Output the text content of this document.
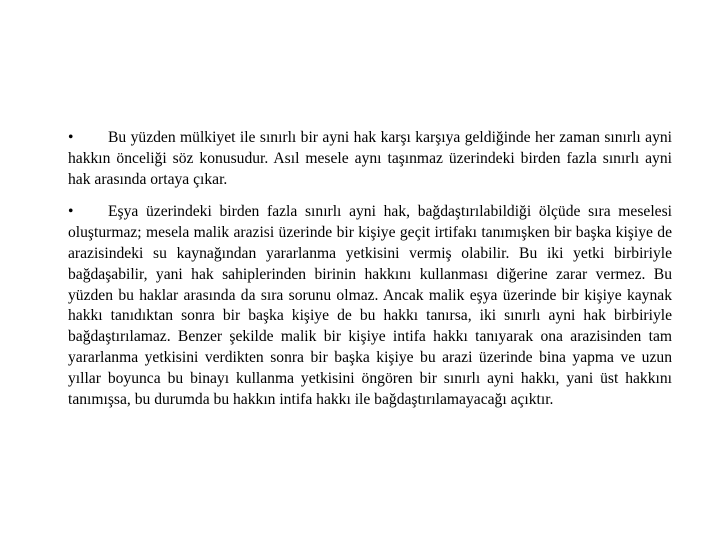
• Bu yüzden mülkiyet ile sınırlı bir ayni hak karşı karşıya geldiğinde her zaman sınırlı ayni hakkın önceliği söz konusudur. Asıl mesele aynı taşınmaz üzerindeki birden fazla sınırlı ayni hak arasında ortaya çıkar.

• Eşya üzerindeki birden fazla sınırlı ayni hak, bağdaştırılabildiği ölçüde sıra meselesi oluşturmaz; mesela malik arazisi üzerinde bir kişiye geçit irtifakı tanımışken bir başka kişiye de arazisindeki su kaynağından yararlanma yetkisini vermiş olabilir. Bu iki yetki birbiriyle bağdaşabilir, yani hak sahiplerinden birinin hakkını kullanması diğerine zarar vermez. Bu yüzden bu haklar arasında da sıra sorunu olmaz. Ancak malik eşya üzerinde bir kişiye kaynak hakkı tanıdıktan sonra bir başka kişiye de bu hakkı tanırsa, iki sınırlı ayni hak birbiriyle bağdaştırılamaz. Benzer şekilde malik bir kişiye intifa hakkı tanıyarak ona arazisinden tam yararlanma yetkisini verdikten sonra bir başka kişiye bu arazi üzerinde bina yapma ve uzun yıllar boyunca bu binayı kullanma yetkisini öngören bir sınırlı ayni hakkı, yani üst hakkını tanımışsa, bu durumda bu hakkın intifa hakkı ile bağdaştırılamayacağı açıktır.
